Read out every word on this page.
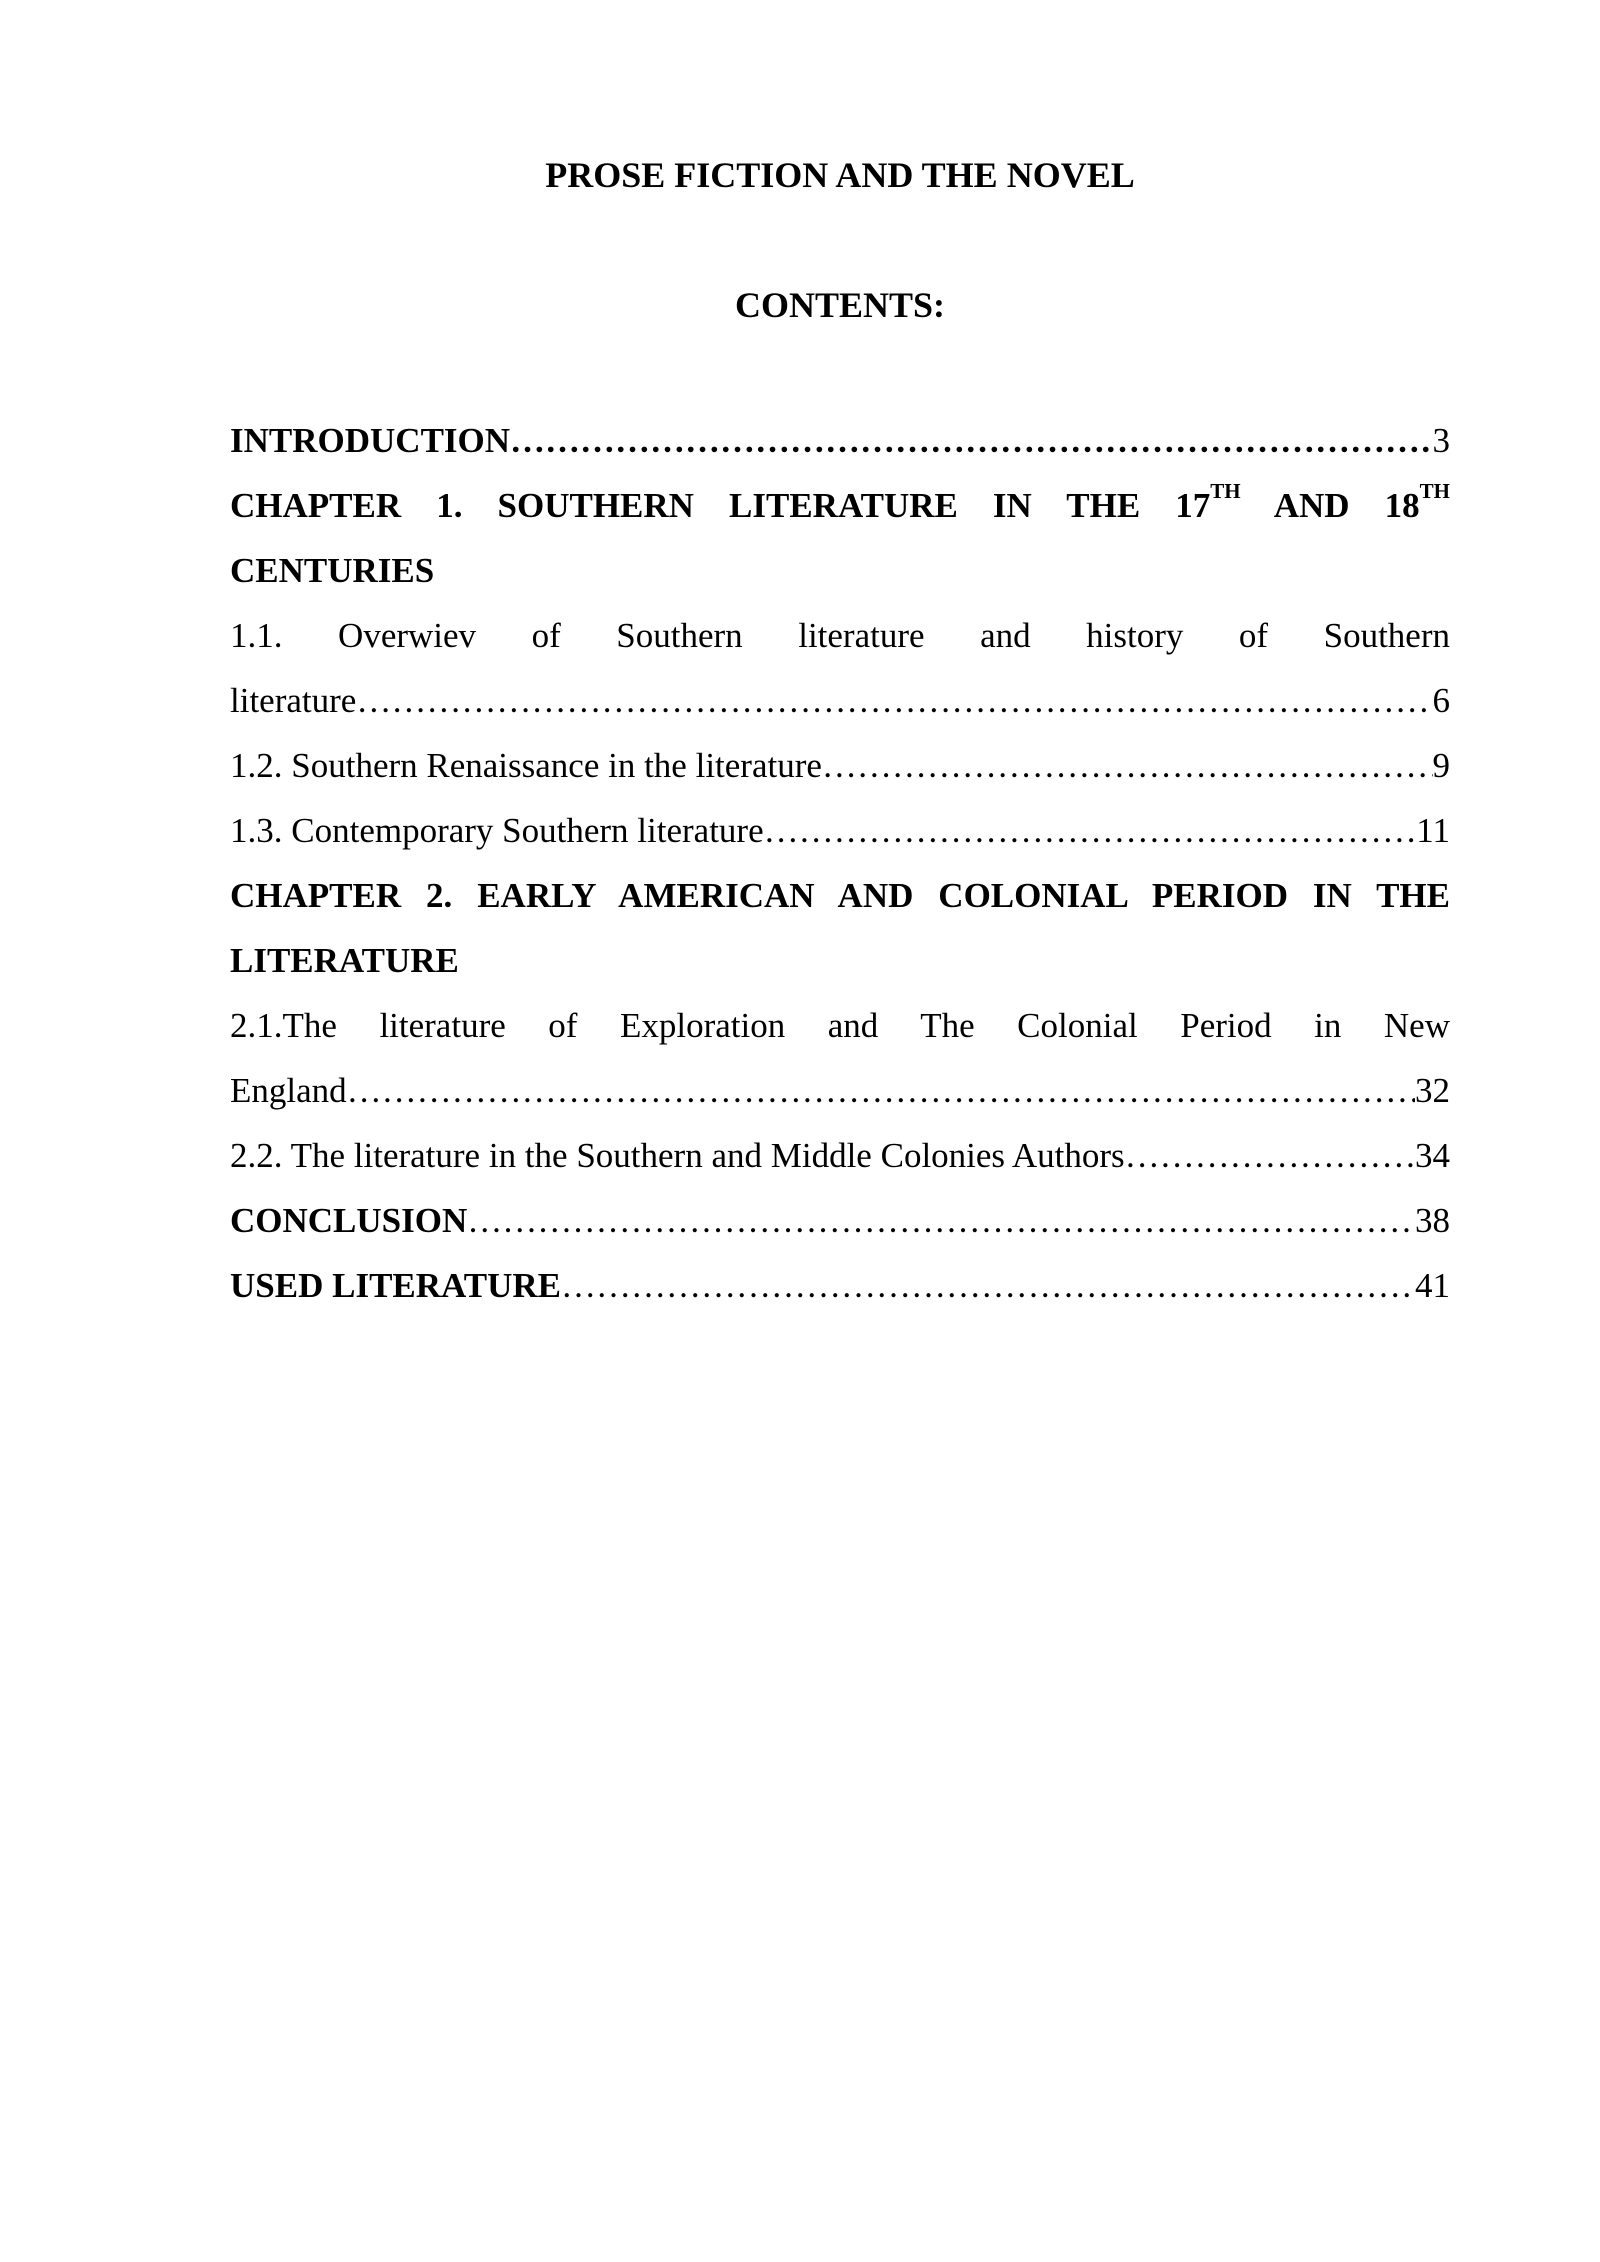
PROSE FICTION AND THE NOVEL
CONTENTS:
INTRODUCTION …………………………………………………………………………………………………………………………………………………………………………………………………………………………………………	3
CHAPTER 1. SOUTHERN LITERATURE IN THE 17TH AND 18TH
CENTURIES
1.1. Overwiev of Southern literature and history of Southern
literature …………………………………………………………………………………………………………………………………………………………………………………………………………………………………………	6
1.2. Southern Renaissance in the literature …………………………………………………………………………………………………………………………………………………………………………………………………………………………………………	9
1.3. Contemporary Southern literature …………………………………………………………………………………………………………………………………………………………………………………………………………………………………………	11
CHAPTER 2. EARLY AMERICAN AND COLONIAL PERIOD IN THE
LITERATURE
2.1.The literature of Exploration and The Colonial Period in New
England …………………………………………………………………………………………………………………………………………………………………………………………………………………………………………	32
2.2. The literature in the Southern and Middle Colonies Authors …………………………………………………………………………………………………………………………………………………………………………………………………………………………………………	34
CONCLUSION …………………………………………………………………………………………………………………………………………………………………………………………………………………………………………	38
USED LITERATURE …………………………………………………………………………………………………………………………………………………………………………………………………………………………………………	41
